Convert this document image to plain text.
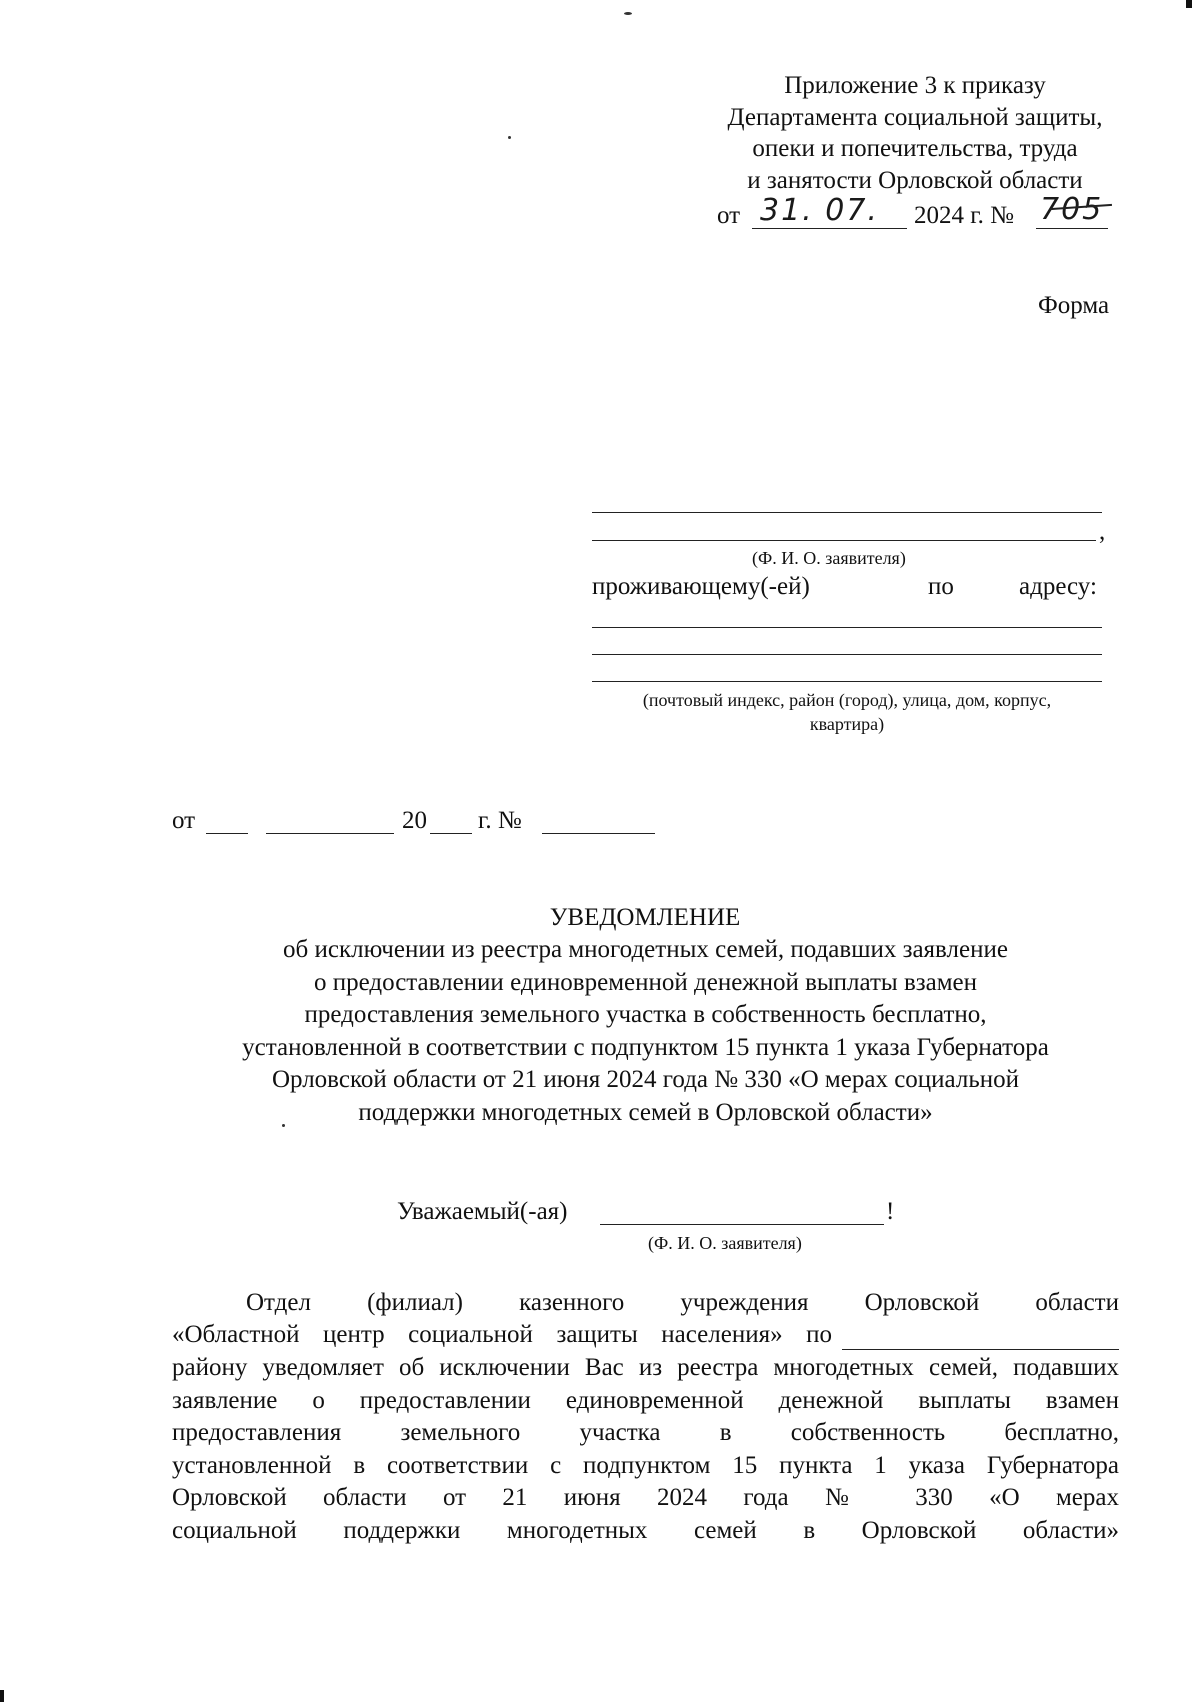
Приложение 3 к приказу
Департамента социальной защиты,
опеки и попечительства, труда
и занятости Орловской области
от 31. 07. 2024 г. № 705
Форма
,
(Ф. И. О. заявителя)
проживающему(-ей)	по	адресу:
(почтовый индекс, район (город), улица, дом, корпус,
квартира)
от	20 г. №
УВЕДОМЛЕНИЕ
об исключении из реестра многодетных семей, подавших заявление
о предоставлении единовременной денежной выплаты взамен
предоставления земельного участка в собственность бесплатно,
установленной в соответствии с подпунктом 15 пункта 1 указа Губернатора
Орловской области от 21 июня 2024 года № 330 «О мерах социальной
поддержки многодетных семей в Орловской области»
Уважаемый(-ая)	!
(Ф. И. О. заявителя)
Отдел (филиал) казенного учреждения Орловской области
«Областной центр социальной защиты населения» по
району уведомляет об исключении Вас из реестра многодетных семей, подавших
заявление о предоставлении единовременной денежной выплаты взамен
предоставления земельного участка в собственность бесплатно,
установленной в соответствии с подпунктом 15 пункта 1 указа Губернатора
Орловской области от 21 июня 2024 года № 330 «О мерах
социальной поддержки многодетных семей в Орловской области»
